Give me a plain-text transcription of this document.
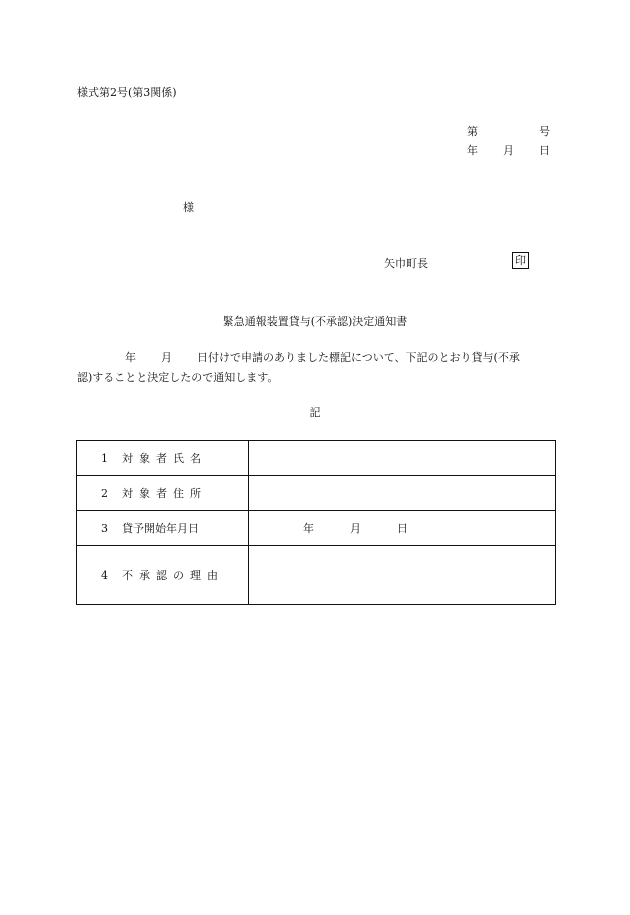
様式第2号(第3関係)
第	号
年 月 日
様
矢巾町長	印
緊急通報装置貸与(不承認)決定通知書
年 月 日付けで申請のありました標記について、下記のとおり貸与(不承
認)することと決定したので通知します。
記
1 対象者氏名	
2 対象者住所	
3 貸予開始年月日	年 月 日

4 不承認の理由	
